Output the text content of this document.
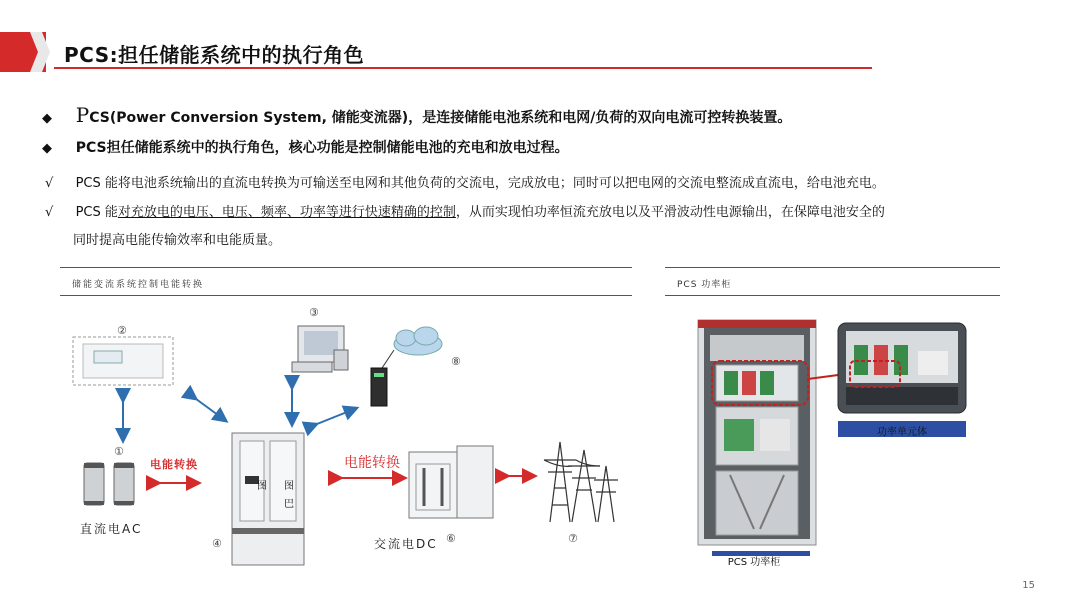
PCS:担任储能系统中的执行角色
◆ PCS(Power Conversion System, 储能变流器)，是连接储能电池系统和电网/负荷的双向电流可控转换装置。
◆ PCS担任储能系统中的执行角色，核心功能是控制储能电池的充电和放电过程。
√ PCS 能将电池系统输出的直流电转换为可输送至电网和其他负荷的交流电，完成放电；同时可以把电网的交流电整流成直流电，给电池充电。
√ PCS 能对充放电的电压、电压、频率、功率等进行快速精确的控制，从而实现怕功率恒流充放电以及平滑波动性电源输出，在保障电池安全的
同时提高电能传输效率和电能质量。
储能变流系统控制电能转换	PCS 功率柜
②
③
⑧
①
④	⑥	⑦
电能转换	电能转换
图 图
巴
直流电AC
交流电DC
功率单元体
PCS 功率柜
15
